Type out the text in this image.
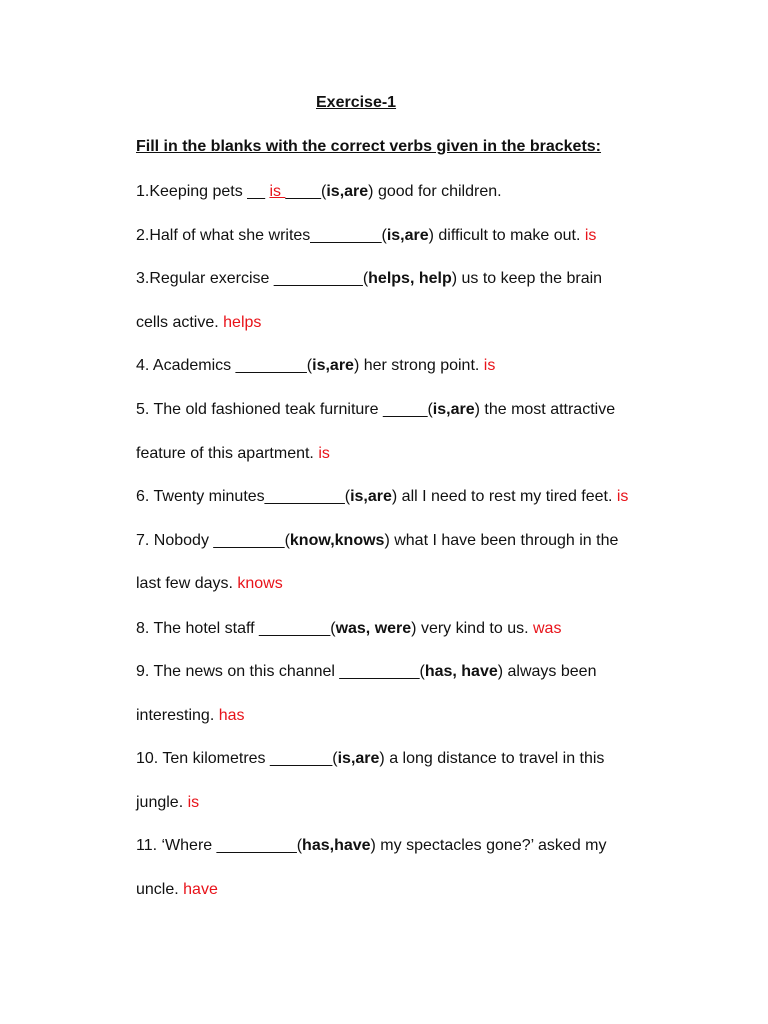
Exercise-1
Fill in the blanks with the correct verbs given in the brackets:
1.Keeping pets __ is ____(is,are) good for children.
2.Half of what she writes________(is,are) difficult to make out. is
3.Regular exercise __________(helps, help) us to keep the brain
cells active. helps
4. Academics ________(is,are) her strong point. is
5. The old fashioned teak furniture _____(is,are) the most attractive
feature of this apartment. is
6. Twenty minutes_________(is,are) all I need to rest my tired feet. is
7. Nobody ________(know,knows) what I have been through in the
last few days. knows
8. The hotel staff ________(was, were) very kind to us. was
9. The news on this channel _________(has, have) always been
interesting. has
10. Ten kilometres _______(is,are) a long distance to travel in this
jungle. is
11. ‘Where _________(has,have) my spectacles gone?’ asked my
uncle. have
